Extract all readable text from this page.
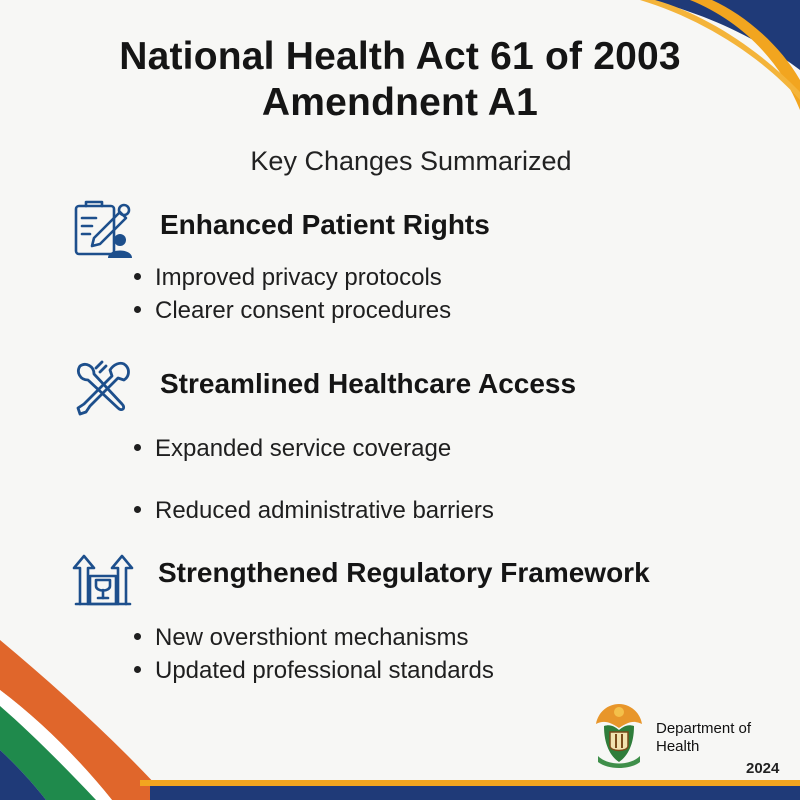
National Health Act 61 of 2003
Amendnent A1
Key Changes Summarized
Enhanced Patient Rights
Improved privacy protocols
Clearer consent procedures
Streamlined Healthcare Access
Expanded service coverage
Reduced administrative barriers
Strengthened Regulatory Framework
New oversthiont mechanisms
Updated professional standards
Department of
Health
2024
